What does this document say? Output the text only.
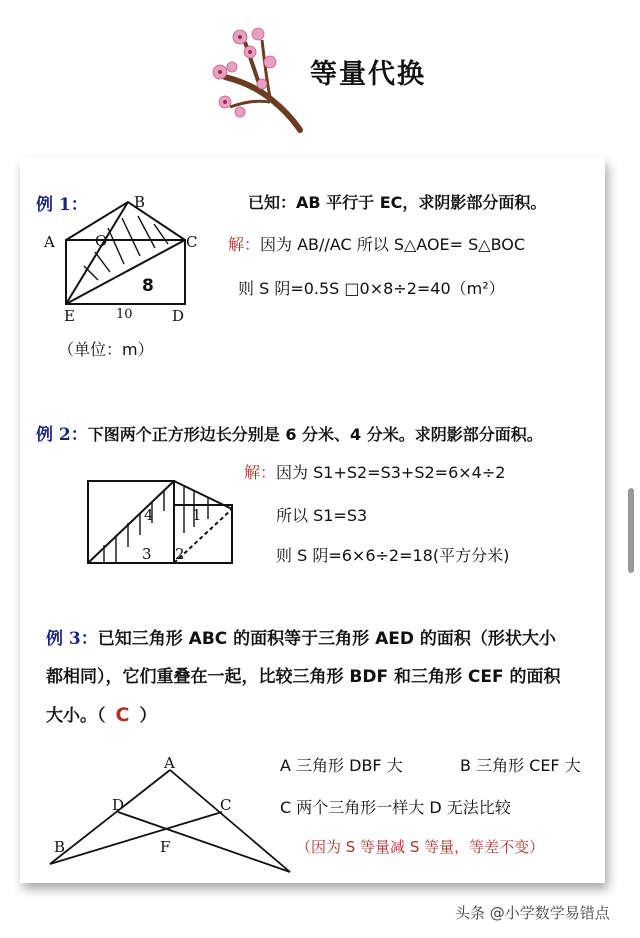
等量代换
例 1：	已知：AB 平行于 EC，求阴影部分面积。
A
B
C
O
E	D
8
10
（单位：m）
解：因为 AB//AC 所以 S△AOE= S△BOC
则 S 阴=0.5S □0×8÷2=40（m²）
例 2：下图两个正方形边长分别是 6 分米、4 分米。求阴影部分面积。
4	1
3 2
解：因为 S1+S2=S3+S2=6×4÷2
所以 S1=S3
则 S 阴=6×6÷2=18(平方分米)
例 3：已知三角形 ABC 的面积等于三角形 AED 的面积（形状大小
都相同），它们重叠在一起，比较三角形 BDF 和三角形 CEF 的面积
大小。（ C ）
A
D	C
B	F
A 三角形 DBF 大	B 三角形 CEF 大
C 两个三角形一样大 D 无法比较
（因为 S 等量减 S 等量，等差不变）
头条 @小学数学易错点
